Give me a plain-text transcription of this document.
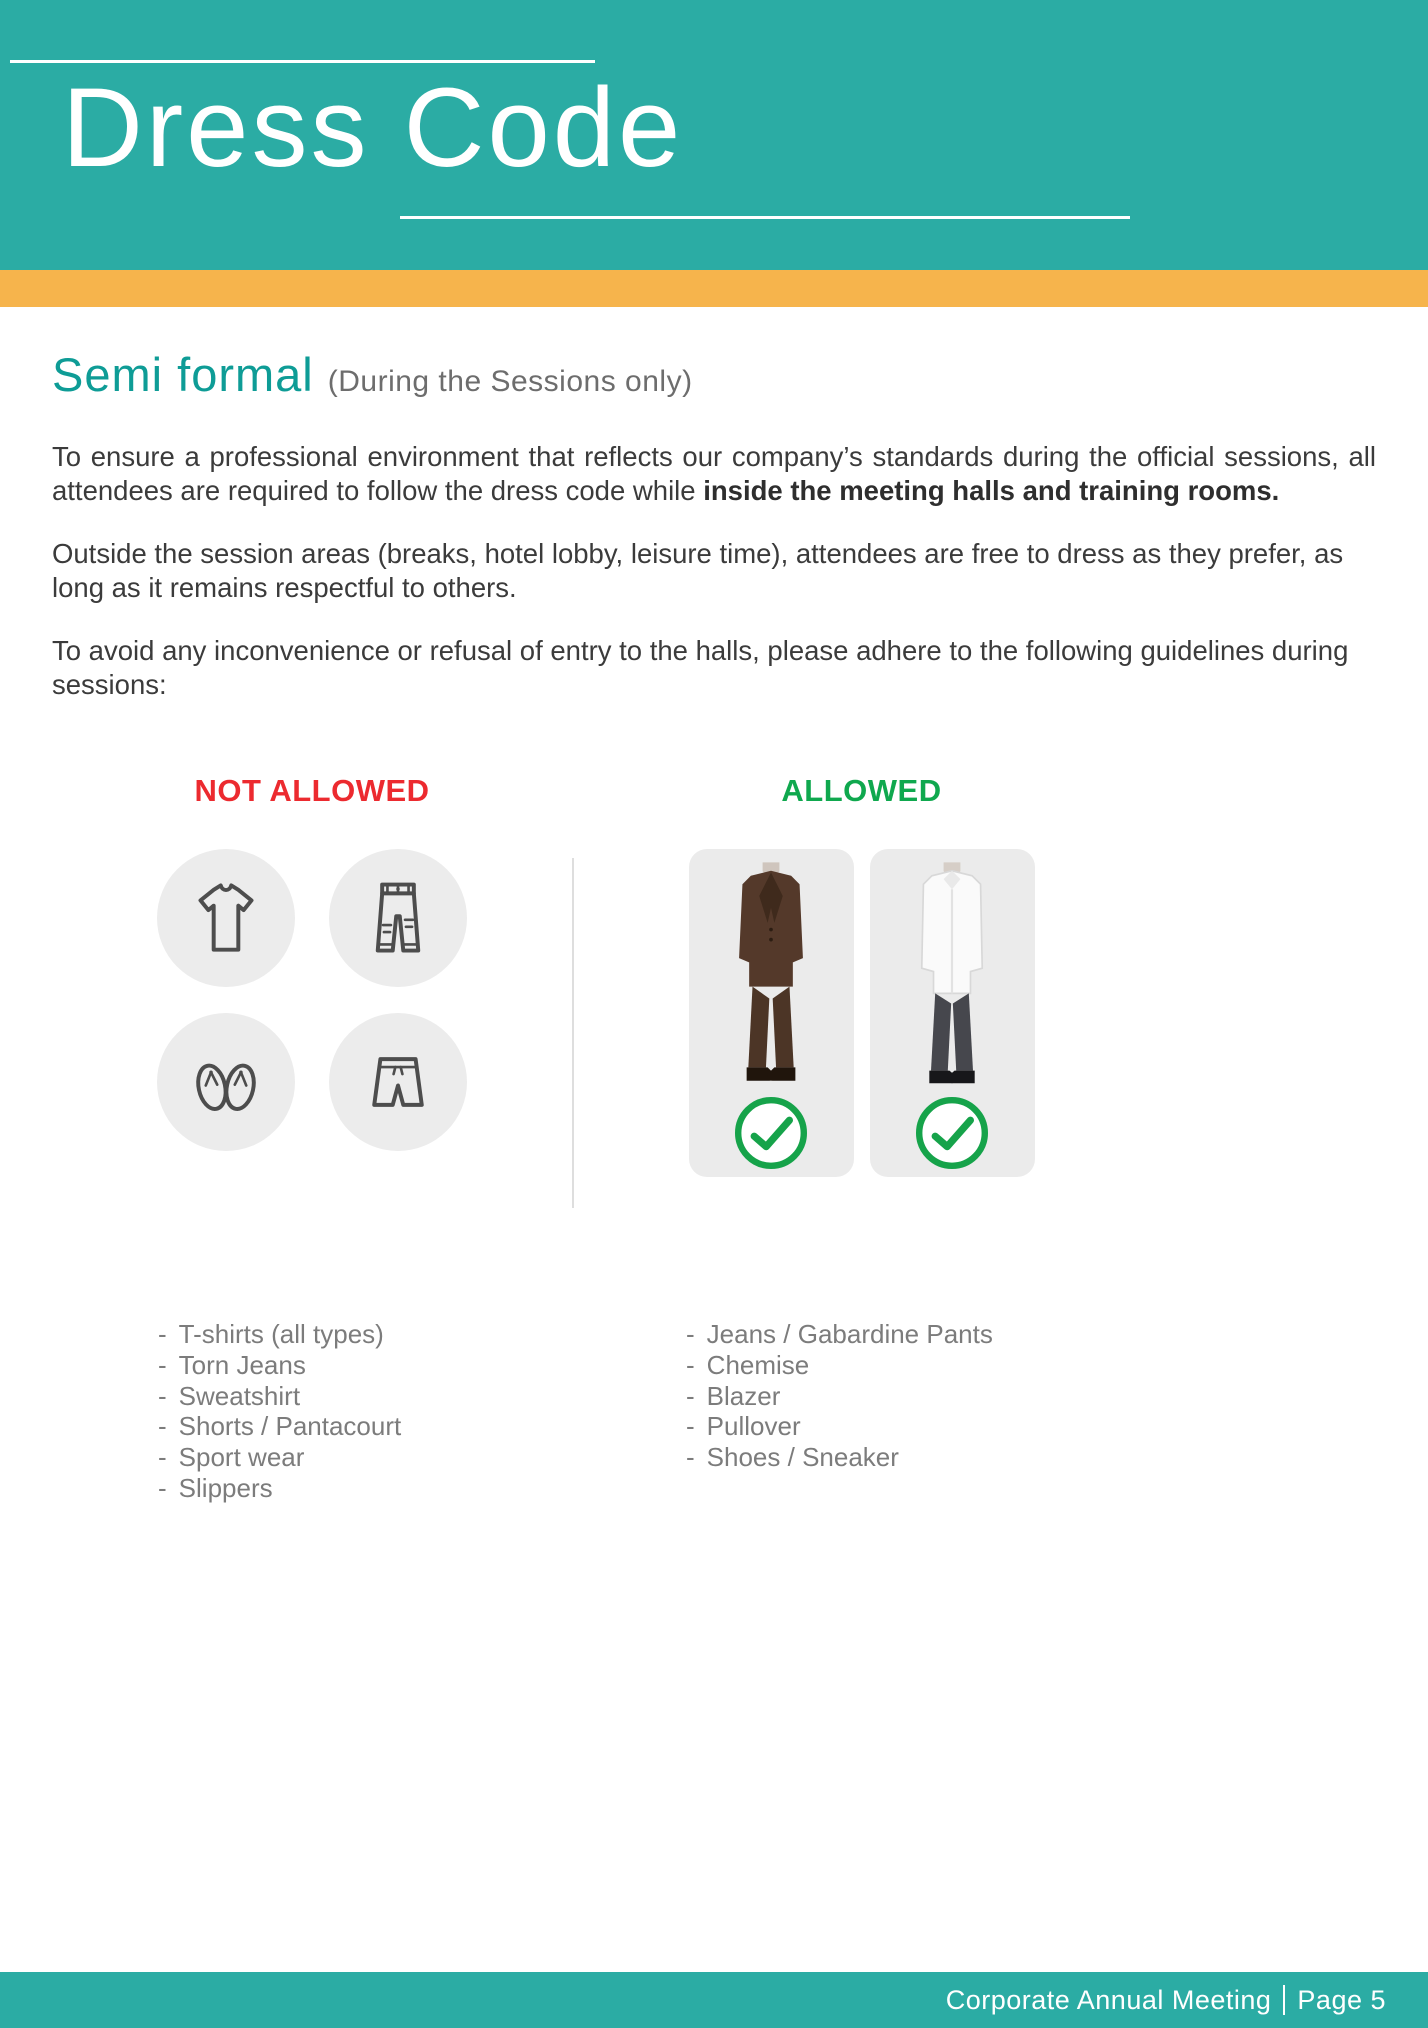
Dress Code
Semi formal (During the Sessions only)

To ensure a professional environment that reflects our company’s standards during the official sessions, all attendees are required to follow the dress code while inside the meeting halls and training rooms.

Outside the session areas (breaks, hotel lobby, leisure time), attendees are free to dress as they prefer, as long as it remains respectful to others.

To avoid any inconvenience or refusal of entry to the halls, please adhere to the following guidelines during sessions:

NOT ALLOWED
- T-shirts (all types)
- Torn Jeans
- Sweatshirt
- Shorts / Pantacourt
- Sport wear
- Slippers
ALLOWED
- Jeans / Gabardine Pants
- Chemise
- Blazer
- Pullover
- Shoes / Sneaker
Corporate Annual Meeting Page 5
